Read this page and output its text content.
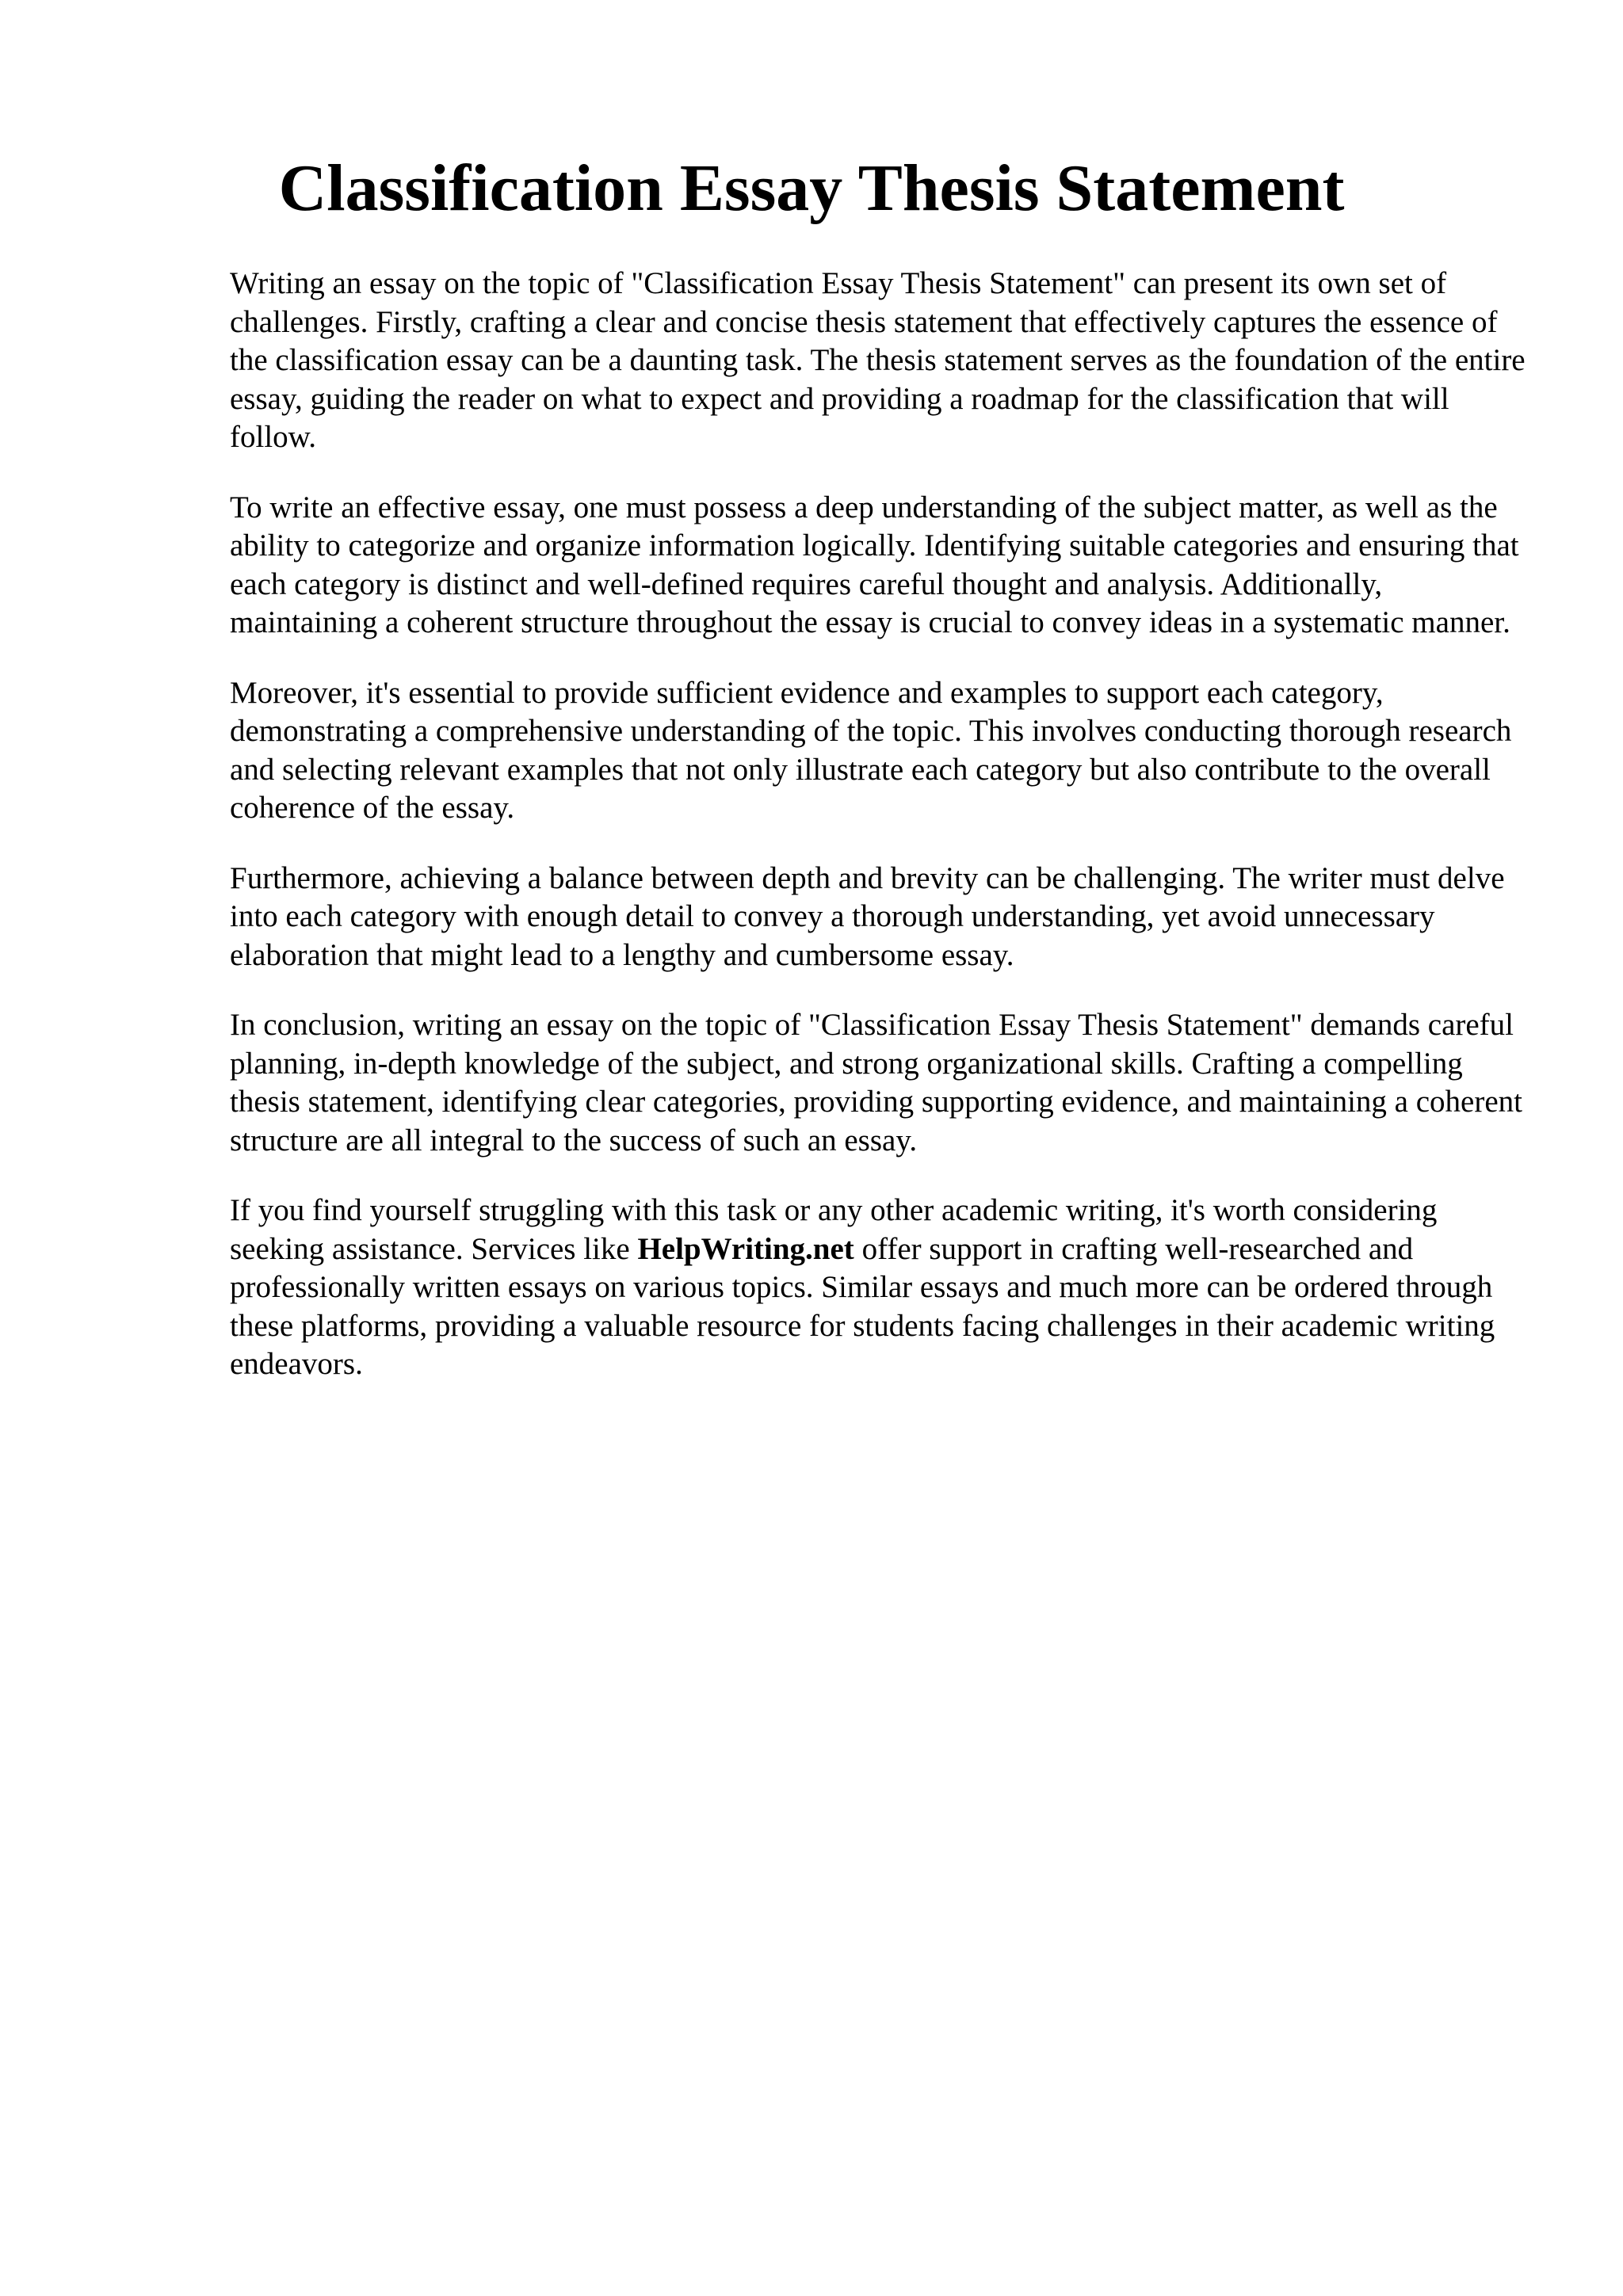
Classification Essay Thesis Statement

Writing an essay on the topic of "Classification Essay Thesis Statement" can present its own set of challenges. Firstly, crafting a clear and concise thesis statement that effectively captures the essence of the classification essay can be a daunting task. The thesis statement serves as the foundation of the entire essay, guiding the reader on what to expect and providing a roadmap for the classification that will follow.

To write an effective essay, one must possess a deep understanding of the subject matter, as well as the ability to categorize and organize information logically. Identifying suitable categories and ensuring that each category is distinct and well-defined requires careful thought and analysis. Additionally, maintaining a coherent structure throughout the essay is crucial to convey ideas in a systematic manner.

Moreover, it's essential to provide sufficient evidence and examples to support each category, demonstrating a comprehensive understanding of the topic. This involves conducting thorough research and selecting relevant examples that not only illustrate each category but also contribute to the overall coherence of the essay.

Furthermore, achieving a balance between depth and brevity can be challenging. The writer must delve into each category with enough detail to convey a thorough understanding, yet avoid unnecessary elaboration that might lead to a lengthy and cumbersome essay.

In conclusion, writing an essay on the topic of "Classification Essay Thesis Statement" demands careful planning, in-depth knowledge of the subject, and strong organizational skills. Crafting a compelling thesis statement, identifying clear categories, providing supporting evidence, and maintaining a coherent structure are all integral to the success of such an essay.

If you find yourself struggling with this task or any other academic writing, it's worth considering seeking assistance. Services like HelpWriting.net offer support in crafting well-researched and professionally written essays on various topics. Similar essays and much more can be ordered through these platforms, providing a valuable resource for students facing challenges in their academic writing endeavors.
